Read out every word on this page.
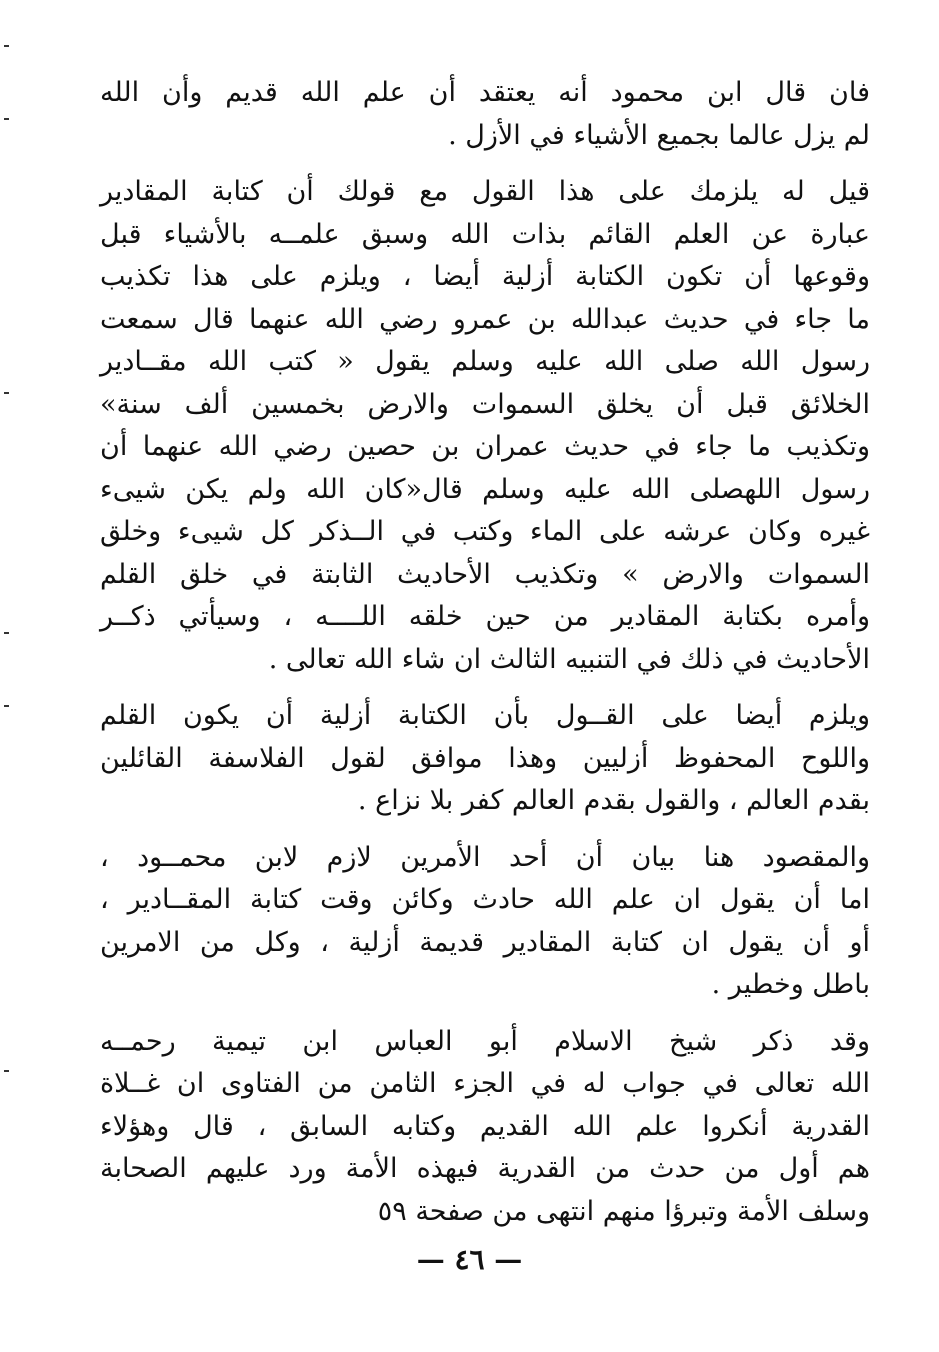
فان قال ابن محمود أنه يعتقد أن علم الله قديم وأن الله
لم يزل عالما بجميع الأشياء في الأزل .
قيل له يلزمك على هذا القول مع قولك أن كتابة المقادير
عبارة عن العلم القائم بذات الله وسبق علمــه بالأشياء قبل
وقوعها أن تكون الكتابة أزلية أيضا ، ويلزم على هذا تكذيب
ما جاء في حديث عبدالله بن عمرو رضي الله عنهما قال سمعت
رسول الله صلى الله عليه وسلم يقول « كتب الله مقــادير
الخلائق قبل أن يخلق السموات والارض بخمسين ألف سنة»
وتكذيب ما جاء في حديث عمران بن حصين رضي الله عنهما أن
رسول اللهصلى الله عليه وسلم قال«كان الله ولم يكن شيىء
غيره وكان عرشه على الماء وكتب في الــذكر كل شيىء وخلق
السموات والارض » وتكذيب الأحاديث الثابتة في خلق القلم
وأمره بكتابة المقادير من حين خلقه اللــــه ، وسيأتي ذكــر
الأحاديث في ذلك في التنبيه الثالث ان شاء الله تعالى .
ويلزم أيضا على القــول بأن الكتابة أزلية أن يكون القلم
واللوح المحفوظ أزليين وهذا موافق لقول الفلاسفة القائلين
بقدم العالم ، والقول بقدم العالم كفر بلا نزاع .
والمقصود هنا بيان أن أحد الأمرين لازم لابن محمــود ،
اما أن يقول ان علم الله حادث وكائن وقت كتابة المقــادير ،
أو أن يقول ان كتابة المقادير قديمة أزلية ، وكل من الامرين
باطل وخطير .
وقد ذكر شيخ الاسلام أبو العباس ابن تيمية رحمــه
الله تعالى في جواب له في الجزء الثامن من الفتاوى ان غــلاة
القدرية أنكروا علم الله القديم وكتابه السابق ، قال وهؤلاء
هم أول من حدث من القدرية فيهذه الأمة ورد عليهم الصحابة
وسلف الأمة وتبرؤا منهم انتهى من صفحة ٥٩
— ٤٦ —
